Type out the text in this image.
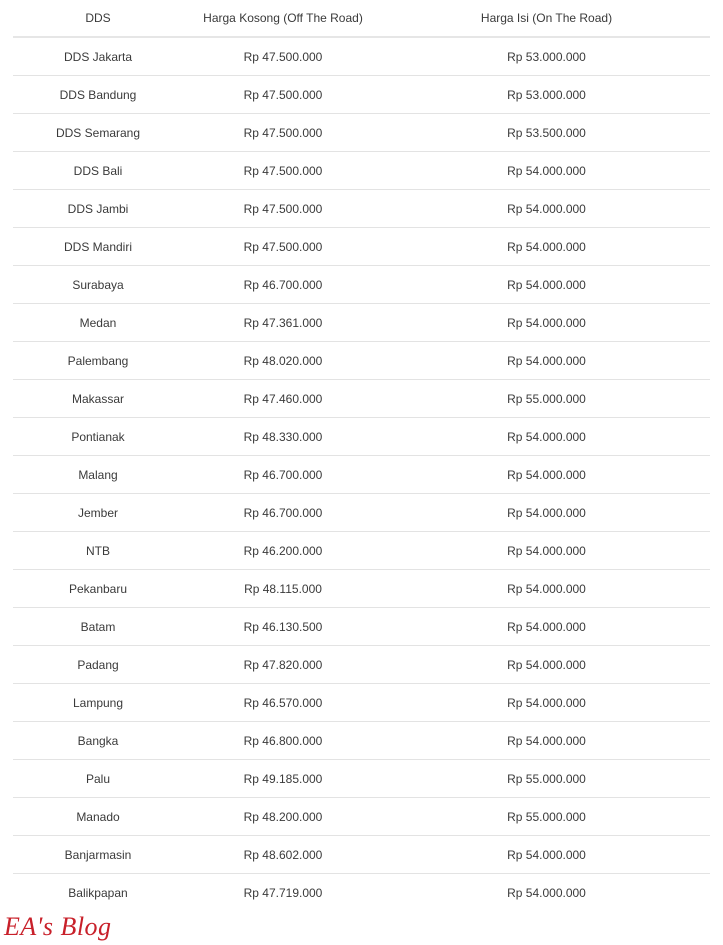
DDS	Harga Kosong (Off The Road)	Harga Isi (On The Road)
DDS Jakarta	Rp 47.500.000	Rp 53.000.000
DDS Bandung	Rp 47.500.000	Rp 53.000.000
DDS Semarang	Rp 47.500.000	Rp 53.500.000
DDS Bali	Rp 47.500.000	Rp 54.000.000
DDS Jambi	Rp 47.500.000	Rp 54.000.000
DDS Mandiri	Rp 47.500.000	Rp 54.000.000
Surabaya	Rp 46.700.000	Rp 54.000.000
Medan	Rp 47.361.000	Rp 54.000.000
Palembang	Rp 48.020.000	Rp 54.000.000
Makassar	Rp 47.460.000	Rp 55.000.000
Pontianak	Rp 48.330.000	Rp 54.000.000
Malang	Rp 46.700.000	Rp 54.000.000
Jember	Rp 46.700.000	Rp 54.000.000
NTB	Rp 46.200.000	Rp 54.000.000
Pekanbaru	Rp 48.115.000	Rp 54.000.000
Batam	Rp 46.130.500	Rp 54.000.000
Padang	Rp 47.820.000	Rp 54.000.000
Lampung	Rp 46.570.000	Rp 54.000.000
Bangka	Rp 46.800.000	Rp 54.000.000
Palu	Rp 49.185.000	Rp 55.000.000
Manado	Rp 48.200.000	Rp 55.000.000
Banjarmasin	Rp 48.602.000	Rp 54.000.000
Balikpapan	Rp 47.719.000	Rp 54.000.000
EA's Blog
